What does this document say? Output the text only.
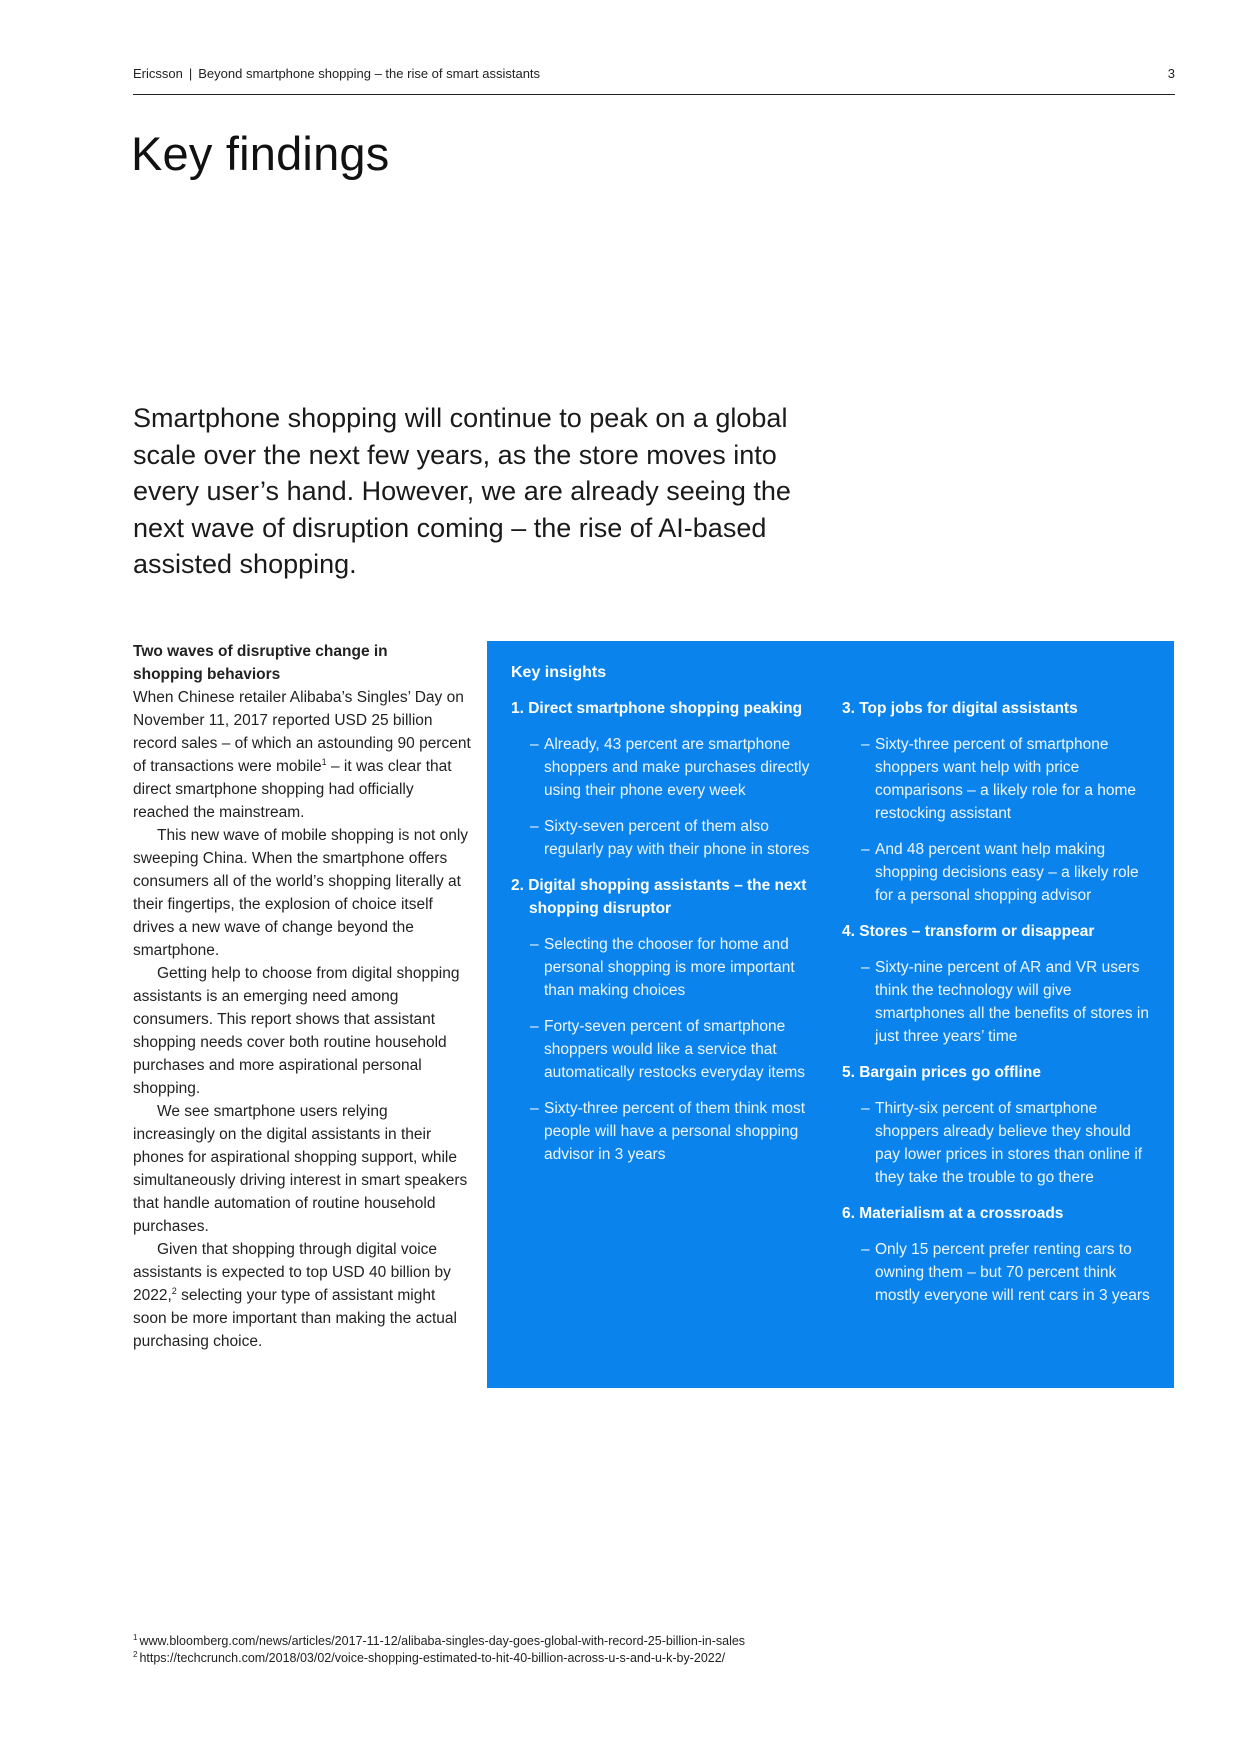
Ericsson | Beyond smartphone shopping – the rise of smart assistants	3
Key findings

Smartphone shopping will continue to peak on a global scale over the next few years, as the store moves into every user’s hand. However, we are already seeing the next wave of disruption coming – the rise of AI-based assisted shopping.

Two waves of disruptive change in shopping behaviors

When Chinese retailer Alibaba’s Singles’ Day on November 11, 2017 reported USD 25 billion record sales – of which an astounding 90 percent of transactions were mobile$^1$ – it was clear that direct smartphone shopping had officially reached the mainstream.

This new wave of mobile shopping is not only sweeping China. When the smartphone offers consumers all of the world’s shopping literally at their fingertips, the explosion of choice itself drives a new wave of change beyond the smartphone.

Getting help to choose from digital shopping assistants is an emerging need among consumers. This report shows that assistant shopping needs cover both routine household purchases and more aspirational personal shopping.

We see smartphone users relying increasingly on the digital assistants in their phones for aspirational shopping support, while simultaneously driving interest in smart speakers that handle automation of routine household purchases.

Given that shopping through digital voice assistants is expected to top USD 40 billion by 2022,$^2$ selecting your type of assistant might soon be more important than making the actual purchasing choice.

Key insights
1. Direct smartphone shopping peaking
– Already, 43 percent are smartphone shoppers and make purchases directly using their phone every week
– Sixty-seven percent of them also regularly pay with their phone in stores
2. Digital shopping assistants – the next shopping disruptor
– Selecting the chooser for home and personal shopping is more important than making choices
– Forty-seven percent of smartphone shoppers would like a service that automatically restocks everyday items
– Sixty-three percent of them think most people will have a personal shopping advisor in 3 years
3. Top jobs for digital assistants
– Sixty-three percent of smartphone shoppers want help with price comparisons – a likely role for a home restocking assistant
– And 48 percent want help making shopping decisions easy – a likely role for a personal shopping advisor
4. Stores – transform or disappear
– Sixty-nine percent of AR and VR users think the technology will give smartphones all the benefits of stores in just three years’ time
5. Bargain prices go offline
– Thirty-six percent of smartphone shoppers already believe they should pay lower prices in stores than online if they take the trouble to go there
6. Materialism at a crossroads
– Only 15 percent prefer renting cars to owning them – but 70 percent think mostly everyone will rent cars in 3 years
$^1$ www.bloomberg.com/news/articles/2017-11-12/alibaba-singles-day-goes-global-with-record-25-billion-in-sales
$^2$ https://techcrunch.com/2018/03/02/voice-shopping-estimated-to-hit-40-billion-across-u-s-and-u-k-by-2022/
